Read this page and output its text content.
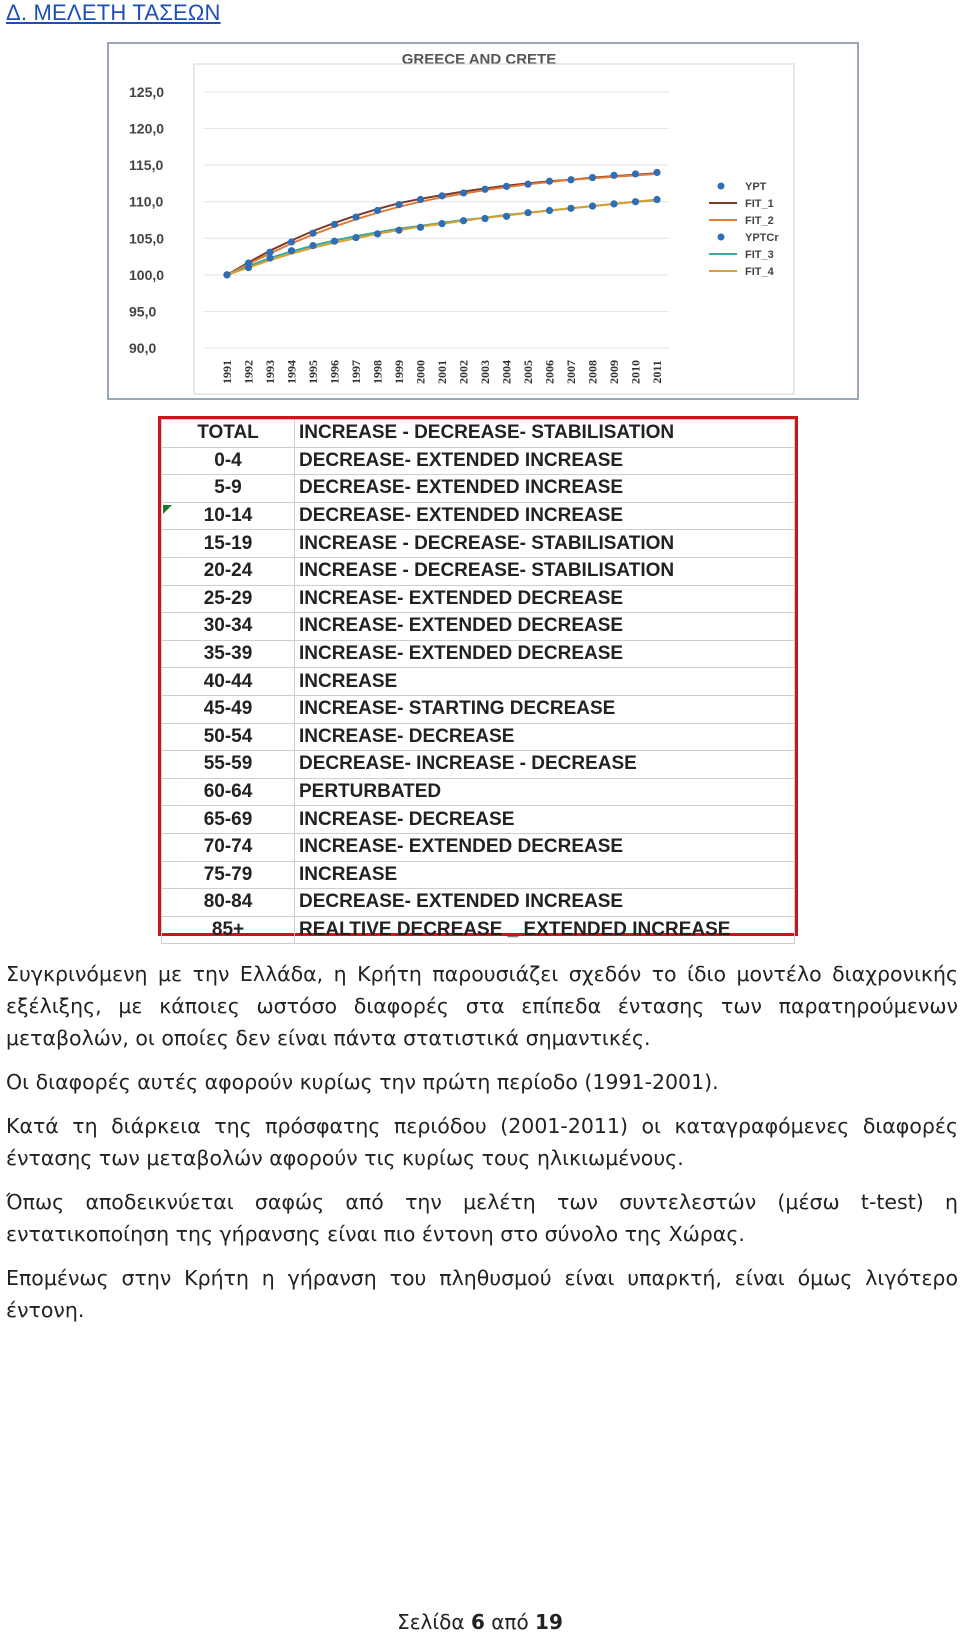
Δ. ΜΕΛΕΤΗ ΤΑΣΕΩΝ
GREECE AND CRETE
125,0
120,0
115,0
110,0
105,0
100,0
95,0
90,0
1991 1992 1993 1994 1995 1996 1997 1998 1999 2000 2001 2002 2003 2004 2005 2006 2007 2008 2009 2010 2011
YPT
FIT_1
FIT_2
YPTCr
FIT_3
FIT_4
TOTAL	INCREASE - DECREASE- STABILISATION
0-4	DECREASE- EXTENDED INCREASE
5-9	DECREASE- EXTENDED INCREASE
10-14	DECREASE- EXTENDED INCREASE
15-19	INCREASE - DECREASE- STABILISATION
20-24	INCREASE - DECREASE- STABILISATION
25-29	INCREASE- EXTENDED DECREASE
30-34	INCREASE- EXTENDED DECREASE
35-39	INCREASE- EXTENDED DECREASE
40-44	INCREASE
45-49	INCREASE- STARTING DECREASE
50-54	INCREASE- DECREASE
55-59	DECREASE- INCREASE - DECREASE
60-64	PERTURBATED
65-69	INCREASE- DECREASE
70-74	INCREASE- EXTENDED DECREASE
75-79	INCREASE
80-84	DECREASE- EXTENDED INCREASE
85+	REALTIVE DECREASE _ EXTENDED INCREASE

Συγκρινόμενη με την Ελλάδα, η Κρήτη παρουσιάζει σχεδόν το ίδιο μοντέλο διαχρονικής εξέλιξης, με κάποιες ωστόσο διαφορές στα επίπεδα έντασης των παρατηρούμενων μεταβολών, οι οποίες δεν είναι πάντα στατιστικά σημαντικές.

Οι διαφορές αυτές αφορούν κυρίως την πρώτη περίοδο (1991-2001).

Κατά τη διάρκεια της πρόσφατης περιόδου (2001-2011) οι καταγραφόμενες διαφορές έντασης των μεταβολών αφορούν τις κυρίως τους ηλικιωμένους.

Όπως αποδεικνύεται σαφώς από την μελέτη των συντελεστών (μέσω t-test) η εντατικοποίηση της γήρανσης είναι πιο έντονη στο σύνολο της Χώρας.

Επομένως στην Κρήτη η γήρανση του πληθυσμού είναι υπαρκτή, είναι όμως λιγότερο έντονη.

Σελίδα 6 από 19
